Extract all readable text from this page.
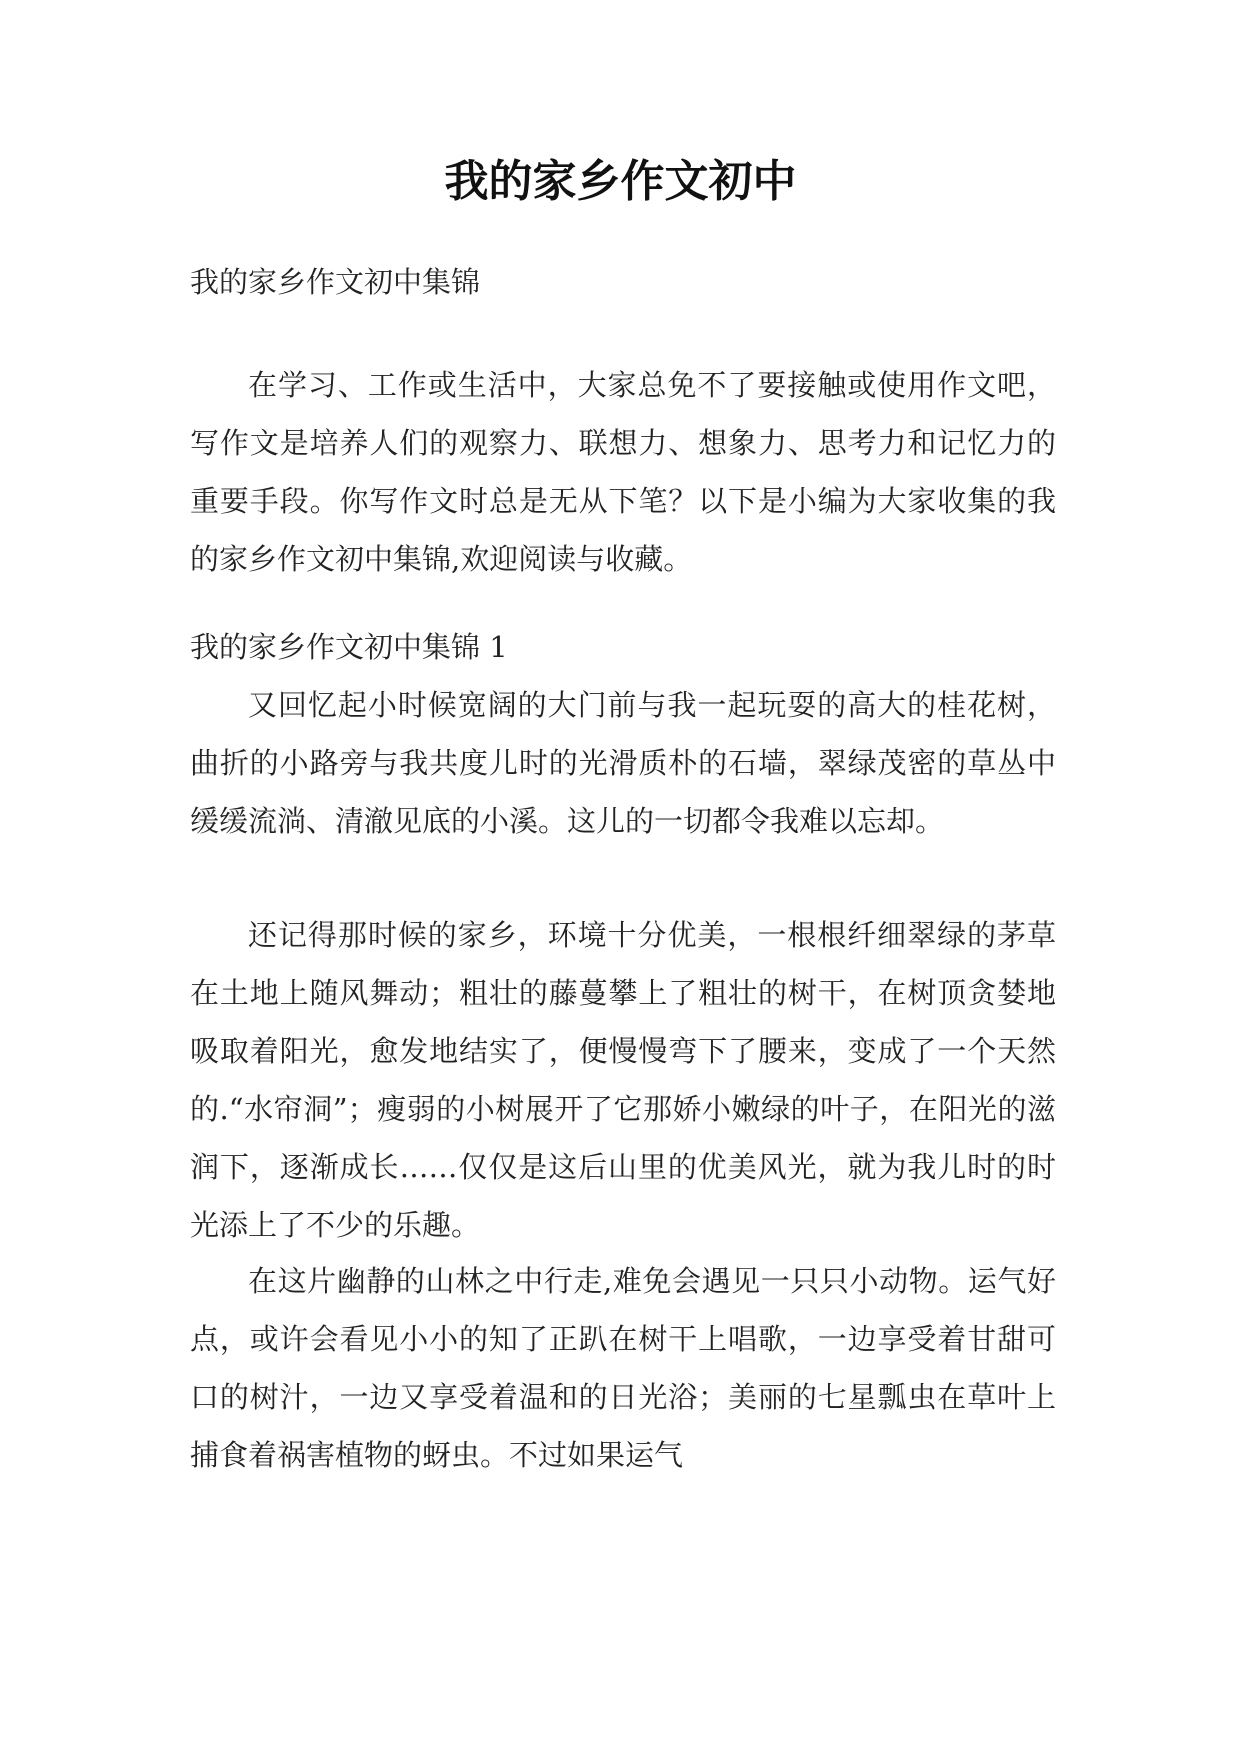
我的家乡作文初中

我的家乡作文初中集锦

在学习、工作或生活中，大家总免不了要接触或使用作文吧，写作文是培养人们的观察力、联想力、想象力、思考力和记忆力的重要手段。你写作文时总是无从下笔？以下是小编为大家收集的我的家乡作文初中集锦,欢迎阅读与收藏。

我的家乡作文初中集锦 1

又回忆起小时候宽阔的大门前与我一起玩耍的高大的桂花树，曲折的小路旁与我共度儿时的光滑质朴的石墙，翠绿茂密的草丛中缓缓流淌、清澈见底的小溪。这儿的一切都令我难以忘却。

还记得那时候的家乡，环境十分优美，一根根纤细翠绿的茅草在土地上随风舞动；粗壮的藤蔓攀上了粗壮的树干，在树顶贪婪地吸取着阳光，愈发地结实了，便慢慢弯下了腰来，变成了一个天然的.“水帘洞”；瘦弱的小树展开了它那娇小嫩绿的叶子，在阳光的滋润下，逐渐成长……仅仅是这后山里的优美风光，就为我儿时的时光添上了不少的乐趣。

在这片幽静的山林之中行走,难免会遇见一只只小动物。运气好点，或许会看见小小的知了正趴在树干上唱歌，一边享受着甘甜可口的树汁，一边又享受着温和的日光浴；美丽的七星瓢虫在草叶上捕食着祸害植物的蚜虫。不过如果运气
